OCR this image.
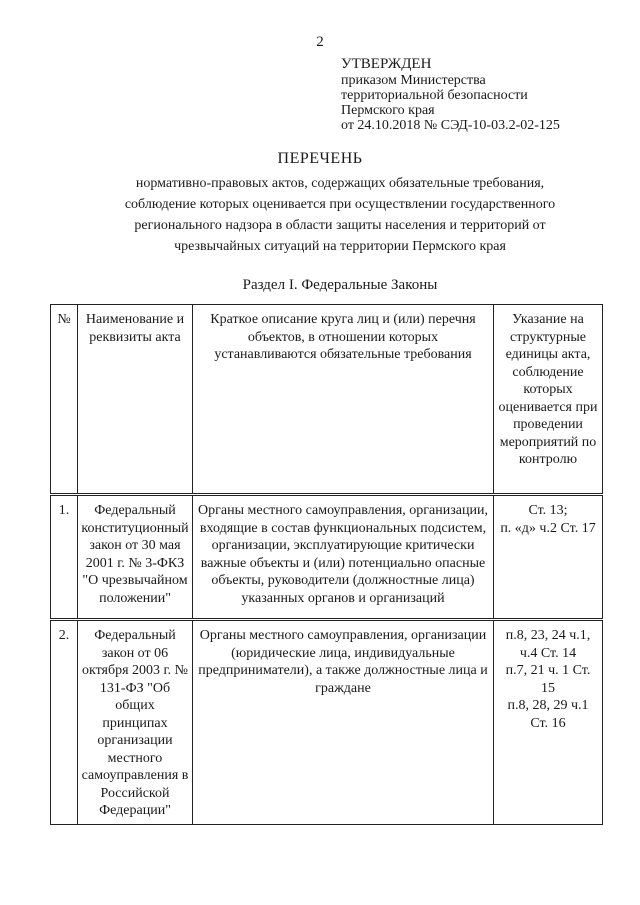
2
УТВЕРЖДЕН
приказом Министерства
территориальной безопасности
Пермского края
от 24.10.2018 № СЭД-10-03.2-02-125
ПЕРЕЧЕНЬ
нормативно-правовых актов, содержащих обязательные требования,
соблюдение которых оценивается при осуществлении государственного
регионального надзора в области защиты населения и территорий от
чрезвычайных ситуаций на территории Пермского края
Раздел I. Федеральные Законы
№	Наименование и реквизиты акта	Краткое описание круга лиц и (или) перечня объектов, в отношении которых устанавливаются обязательные требования	Указание на структурные единицы акта, соблюдение которых оценивается при проведении мероприятий по контролю
1.	Федеральный конституционный закон от 30 мая 2001 г. № 3-ФКЗ "О чрезвычайном положении"	Органы местного самоуправления, организации, входящие в состав функциональных подсистем, организации, эксплуатирующие критически важные объекты и (или) потенциально опасные объекты, руководители (должностные лица) указанных органов и организаций	Ст. 13;
п. «д» ч.2 Ст. 17

2.	Федеральный закон от 06 октября 2003 г. № 131-ФЗ "Об общих принципах организации местного самоуправления в Российской Федерации"	Органы местного самоуправления, организации (юридические лица, индивидуальные предприниматели), а также должностные лица и граждане	п.8, 23, 24 ч.1, ч.4 Ст. 14
п.7, 21 ч. 1 Ст. 15
п.8, 28, 29 ч.1 Ст. 16
